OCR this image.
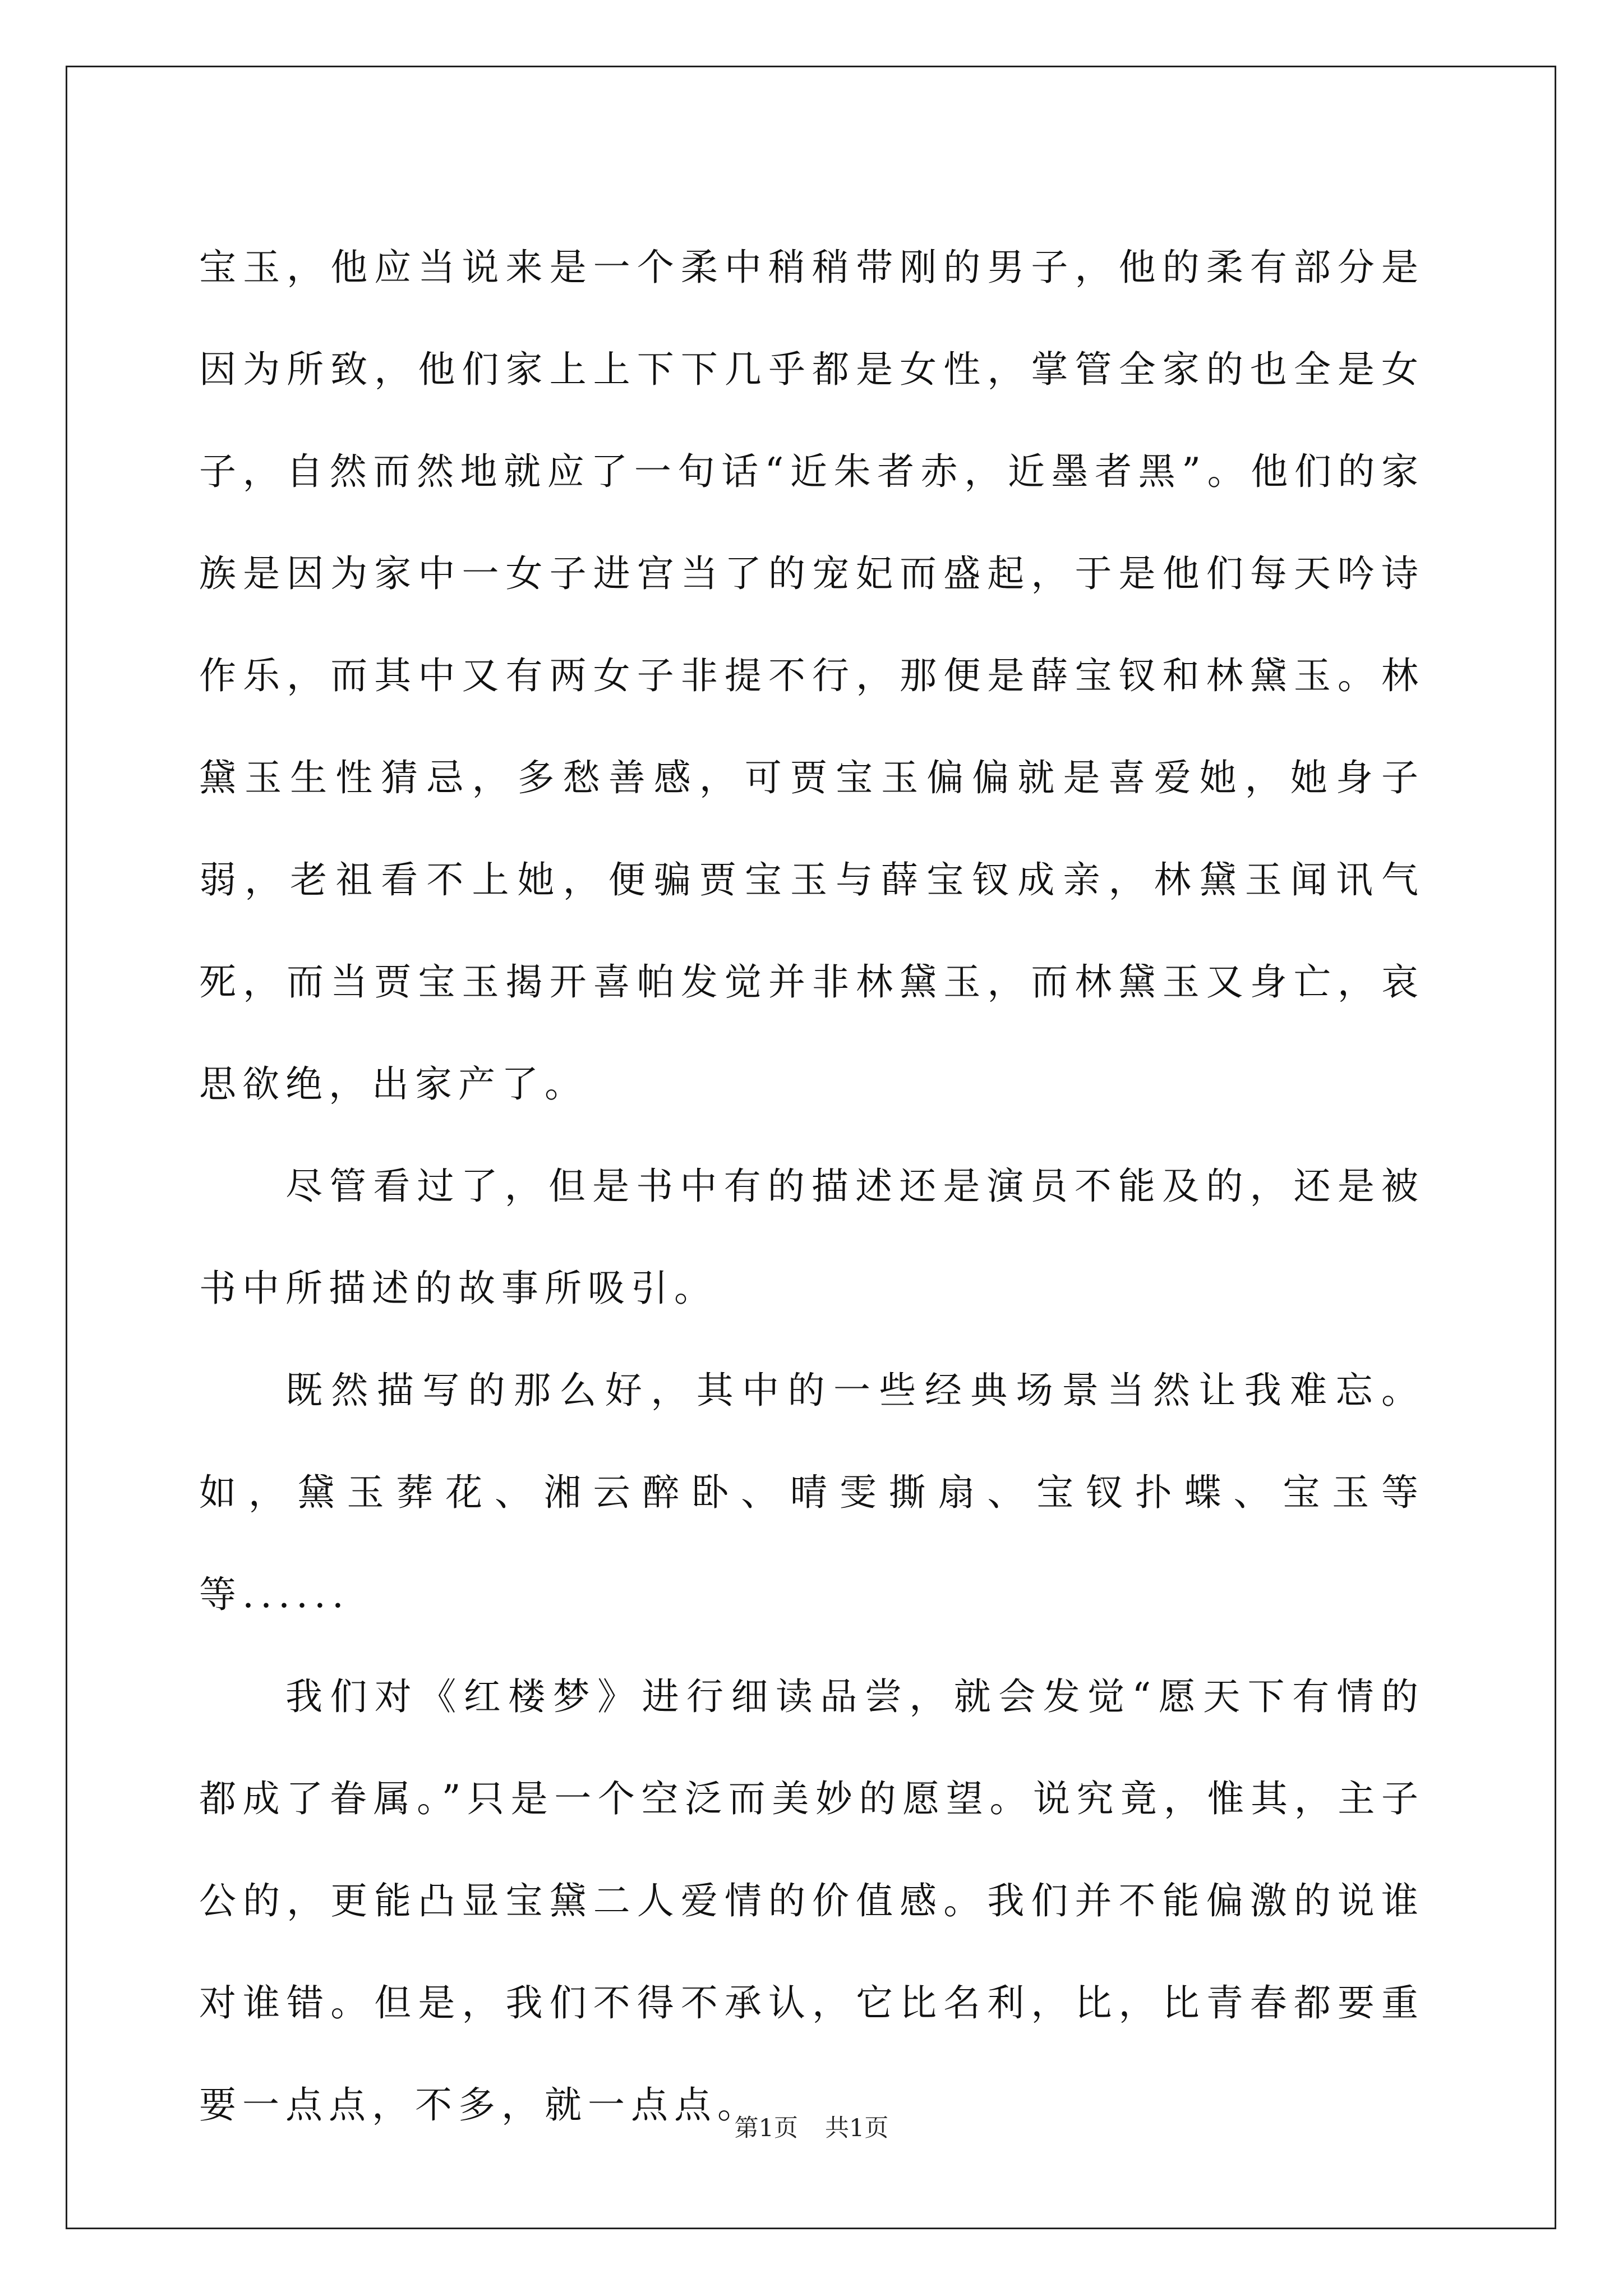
宝玉，他应当说来是一个柔中稍稍带刚的男子，他的柔有部分是因为所致，他们家上上下下几乎都是女性，掌管全家的也全是女子，自然而然地就应了一句话“近朱者赤，近墨者黑”。他们的家族是因为家中一女子进宫当了的宠妃而盛起，于是他们每天吟诗作乐，而其中又有两女子非提不行，那便是薛宝钗和林黛玉。林黛玉生性猜忌，多愁善感，可贾宝玉偏偏就是喜爱她，她身子弱，老祖看不上她，便骗贾宝玉与薛宝钗成亲，林黛玉闻讯气死，而当贾宝玉揭开喜帕发觉并非林黛玉，而林黛玉又身亡，哀思欲绝，出家产了。

尽管看过了，但是书中有的描述还是演员不能及的，还是被书中所描述的故事所吸引。

既然描写的那么好，其中的一些经典场景当然让我难忘。如，黛玉葬花、湘云醉卧、晴雯撕扇、宝钗扑蝶、宝玉等等......

我们对《红楼梦》进行细读品尝，就会发觉“愿天下有情的都成了眷属。”只是一个空泛而美妙的愿望。说究竟，惟其，主子公的，更能凸显宝黛二人爱情的价值感。我们并不能偏激的说谁对谁错。但是，我们不得不承认，它比名利，比，比青春都要重要一点点，不多，就一点点。

第1页 共1页
